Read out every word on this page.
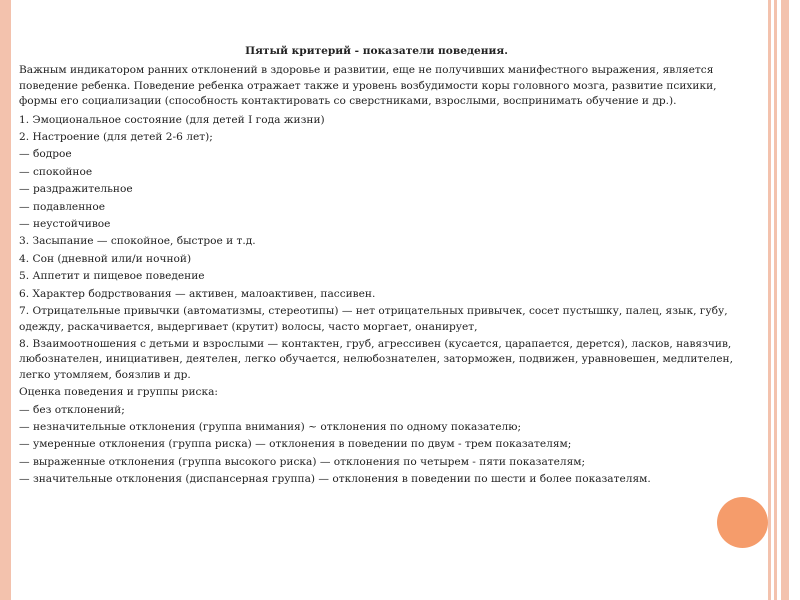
Пятый критерий - показатели поведения.

Важным индикатором ранних отклонений в здоровье и развитии, еще не получивших манифестного выражения, является поведение ребенка. Поведение ребенка отражает также и уровень возбудимости коры головного мозга, развитие психики, формы его социализации (способность контактировать со сверстниками, взрослыми, воспринимать обучение и др.).

1. Эмоциональное состояние (для детей I года жизни)

2. Настроение (для детей 2-6 лет);

— бодрое

— спокойное

— раздражительное

— подавленное

— неустойчивое

3. Засыпание — спокойное, быстрое и т.д.

4. Сон (дневной или/и ночной)

5. Аппетит и пищевое поведение

6. Характер бодрствования — активен, малоактивен, пассивен.

7. Отрицательные привычки (автоматизмы, стереотипы) — нет отрицательных привычек, сосет пустышку, палец, язык, губу, одежду, раскачивается, выдергивает (крутит) волосы, часто моргает, онанирует,

8. Взаимоотношения с детьми и взрослыми — контактен, груб, агрессивен (кусается, царапается, дерется), ласков, навязчив, любознателен, инициативен, деятелен, легко обучается, нелюбознателен, заторможен, подвижен, уравновешен, медлителен, легко утомляем, боязлив и др.

Оценка поведения и группы риска:

— без отклонений;

— незначительные отклонения (группа внимания) ~ отклонения по одному показателю;

— умеренные отклонения (группа риска) — отклонения в поведении по двум - трем показателям;

— выраженные отклонения (группа высокого риска) — отклонения по четырем - пяти показателям;

— значительные отклонения (диспансерная группа) — отклонения в поведении по шести и более показателям.
